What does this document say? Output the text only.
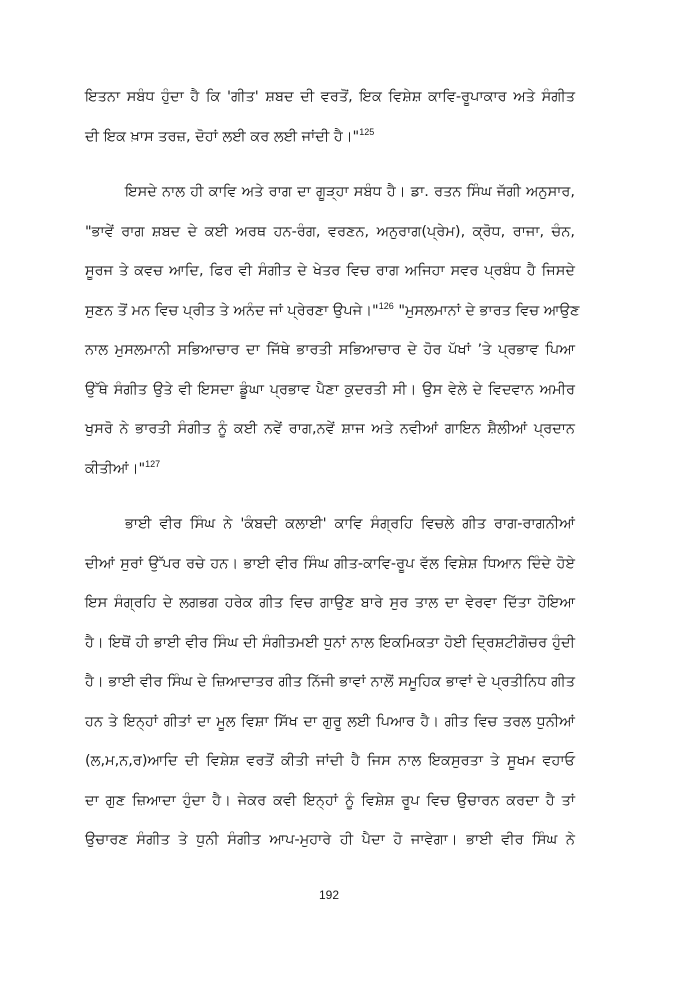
ਇਤਨਾ ਸਬੰਧ ਹੁੰਦਾ ਹੈ ਕਿ 'ਗੀਤ' ਸ਼ਬਦ ਦੀ ਵਰਤੋਂ, ਇਕ ਵਿਸ਼ੇਸ਼ ਕਾਵਿ-ਰੂਪਾਕਾਰ ਅਤੇ ਸੰਗੀਤ
ਦੀ ਇਕ ਖ਼ਾਸ ਤਰਜ਼, ਦੋਹਾਂ ਲਈ ਕਰ ਲਈ ਜਾਂਦੀ ਹੈ।"$^{125}$
ਇਸਦੇ ਨਾਲ ਹੀ ਕਾਵਿ ਅਤੇ ਰਾਗ ਦਾ ਗੂੜ੍ਹਾ ਸਬੰਧ ਹੈ। ਡਾ. ਰਤਨ ਸਿੰਘ ਜੱਗੀ ਅਨੁਸਾਰ,
"ਭਾਵੇਂ ਰਾਗ ਸ਼ਬਦ ਦੇ ਕਈ ਅਰਥ ਹਨ-ਰੰਗ, ਵਰਣਨ, ਅਨੁਰਾਗ(ਪ੍ਰੇਮ), ਕ੍ਰੋਧ, ਰਾਜਾ, ਚੰਨ,
ਸੂਰਜ ਤੇ ਕਵਚ ਆਦਿ, ਫਿਰ ਵੀ ਸੰਗੀਤ ਦੇ ਖੇਤਰ ਵਿਚ ਰਾਗ ਅਜਿਹਾ ਸਵਰ ਪ੍ਰਬੰਧ ਹੈ ਜਿਸਦੇ
ਸੁਣਨ ਤੋਂ ਮਨ ਵਿਚ ਪ੍ਰੀਤ ਤੇ ਅਨੰਦ ਜਾਂ ਪ੍ਰੇਰਣਾ ਉਪਜੇ।"$^{126}$ "ਮੁਸਲਮਾਨਾਂ ਦੇ ਭਾਰਤ ਵਿਚ ਆਉਣ
ਨਾਲ ਮੁਸਲਮਾਨੀ ਸਭਿਆਚਾਰ ਦਾ ਜਿੱਥੇ ਭਾਰਤੀ ਸਭਿਆਚਾਰ ਦੇ ਹੋਰ ਪੱਖਾਂ ’ਤੇ ਪ੍ਰਭਾਵ ਪਿਆ
ਉੱਥੇ ਸੰਗੀਤ ਉਤੇ ਵੀ ਇਸਦਾ ਡੂੰਘਾ ਪ੍ਰਭਾਵ ਪੈਣਾ ਕੁਦਰਤੀ ਸੀ। ਉਸ ਵੇਲੇ ਦੇ ਵਿਦਵਾਨ ਅਮੀਰ
ਖੁਸਰੋ ਨੇ ਭਾਰਤੀ ਸੰਗੀਤ ਨੂੰ ਕਈ ਨਵੇਂ ਰਾਗ,ਨਵੇਂ ਸ਼ਾਜ ਅਤੇ ਨਵੀਆਂ ਗਾਇਨ ਸ਼ੈਲੀਆਂ ਪ੍ਰਦਾਨ
ਕੀਤੀਆਂ।"$^{127}$
ਭਾਈ ਵੀਰ ਸਿੰਘ ਨੇ 'ਕੰਬਦੀ ਕਲਾਈ' ਕਾਵਿ ਸੰਗ੍ਰਹਿ ਵਿਚਲੇ ਗੀਤ ਰਾਗ-ਰਾਗਨੀਆਂ
ਦੀਆਂ ਸੁਰਾਂ ਉੱਪਰ ਰਚੇ ਹਨ। ਭਾਈ ਵੀਰ ਸਿੰਘ ਗੀਤ-ਕਾਵਿ-ਰੂਪ ਵੱਲ ਵਿਸ਼ੇਸ਼ ਧਿਆਨ ਦਿੰਦੇ ਹੋਏ
ਇਸ ਸੰਗ੍ਰਹਿ ਦੇ ਲਗਭਗ ਹਰੇਕ ਗੀਤ ਵਿਚ ਗਾਉਣ ਬਾਰੇ ਸੁਰ ਤਾਲ ਦਾ ਵੇਰਵਾ ਦਿੱਤਾ ਹੋਇਆ
ਹੈ। ਇਥੋਂ ਹੀ ਭਾਈ ਵੀਰ ਸਿੰਘ ਦੀ ਸੰਗੀਤਮਈ ਧੁਨਾਂ ਨਾਲ ਇਕਮਿਕਤਾ ਹੋਈ ਦ੍ਰਿਸ਼ਟੀਗੋਚਰ ਹੁੰਦੀ
ਹੈ। ਭਾਈ ਵੀਰ ਸਿੰਘ ਦੇ ਜ਼ਿਆਦਾਤਰ ਗੀਤ ਨਿੱਜੀ ਭਾਵਾਂ ਨਾਲੋਂ ਸਮੂਹਿਕ ਭਾਵਾਂ ਦੇ ਪ੍ਰਤੀਨਿਧ ਗੀਤ
ਹਨ ਤੇ ਇਨ੍ਹਾਂ ਗੀਤਾਂ ਦਾ ਮੂਲ ਵਿਸ਼ਾ ਸਿੱਖ ਦਾ ਗੁਰੂ ਲਈ ਪਿਆਰ ਹੈ। ਗੀਤ ਵਿਚ ਤਰਲ ਧੁਨੀਆਂ
(ਲ,ਮ,ਨ,ਰ)ਆਦਿ ਦੀ ਵਿਸ਼ੇਸ਼ ਵਰਤੋਂ ਕੀਤੀ ਜਾਂਦੀ ਹੈ ਜਿਸ ਨਾਲ ਇਕਸੁਰਤਾ ਤੇ ਸੂਖਮ ਵਹਾਓ
ਦਾ ਗੁਣ ਜ਼ਿਆਦਾ ਹੁੰਦਾ ਹੈ। ਜੇਕਰ ਕਵੀ ਇਨ੍ਹਾਂ ਨੂੰ ਵਿਸ਼ੇਸ਼ ਰੂਪ ਵਿਚ ਉਚਾਰਨ ਕਰਦਾ ਹੈ ਤਾਂ
ਉਚਾਰਣ ਸੰਗੀਤ ਤੇ ਧੁਨੀ ਸੰਗੀਤ ਆਪ-ਮੁਹਾਰੇ ਹੀ ਪੈਦਾ ਹੋ ਜਾਵੇਗਾ। ਭਾਈ ਵੀਰ ਸਿੰਘ ਨੇ
192
